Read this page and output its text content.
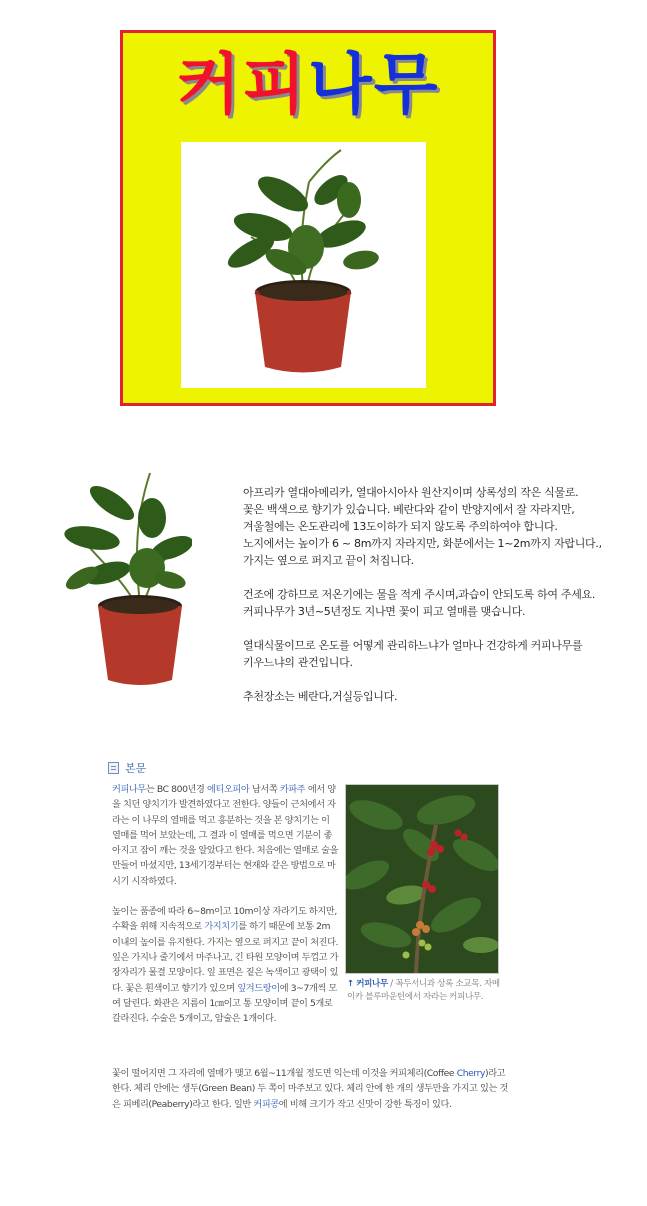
커피나무

아프리카 열대아메리카, 열대아시아사 원산지이며 상록성의 작은 식물로.

꽃은 백색으로 향기가 있습니다. 베란다와 같이 반양지에서 잘 자라지만,

겨울철에는 온도관리에 13도이하가 되지 않도록 주의하여야 합니다.

노지에서는 높이가 6 ~ 8m까지 자라지만, 화분에서는 1~2m까지 자랍니다.,

가지는 옆으로 퍼지고 끝이 처집니다.

건조에 강하므로 저온기에는 물을 적게 주시며,과습이 안되도록 하여 주세요.

커피나무가 3년~5년정도 지나면 꽃이 피고 열매를 맺습니다.

열대식물이므로 온도를 어떻게 관리하느냐가 얼마나 건강하게 커피나무를

키우느냐의 관건입니다.

추천장소는 베란다,거실등입니다.

본문

커피나무는 BC 800년경 에티오피아 남서쪽 카파주 에서 양을 치던 양치기가 발견하였다고 전한다. 양들이 근처에서 자라는 이 나무의 열매를 먹고 흥분하는 것을 본 양치기는 이 열매를 먹어 보았는데, 그 결과 이 열매를 먹으면 기분이 좋아지고 잠이 깨는 것을 알았다고 한다. 처음에는 열매로 술을 만들어 마셨지만, 13세기경부터는 현재와 같은 방법으로 마시기 시작하였다.

높이는 품종에 따라 6~8m이고 10m이상 자라기도 하지만, 수확을 위해 지속적으로 가지치기를 하기 때문에 보통 2m 이내의 높이를 유지한다. 가지는 옆으로 퍼지고 끝이 처진다. 잎은 가지나 줄기에서 마주나고, 긴 타원 모양이며 두껍고 가장자리가 물결 모양이다. 잎 표면은 짙은 녹색이고 광택이 있다. 꽃은 흰색이고 향기가 있으며 잎겨드랑이에 3~7개씩 모여 달린다. 화관은 지름이 1㎝이고 통 모양이며 끝이 5개로 갈라진다. 수술은 5개이고, 암술은 1개이다.

↑ 커피나무 / 꼭두서니과 상록 소교목. 자메이카 블루마운틴에서 자라는 커피나무.

꽃이 떨어지면 그 자리에 열매가 맺고 6월~11개월 정도면 익는데 이것을 커피체리(Coffee Cherry)라고 한다. 체리 안에는 생두(Green Bean) 두 쪽이 마주보고 있다. 체리 안에 한 개의 생두만을 가지고 있는 것은 피베리(Peaberry)라고 한다. 일반 커피콩에 비해 크기가 작고 신맛이 강한 특징이 있다.
